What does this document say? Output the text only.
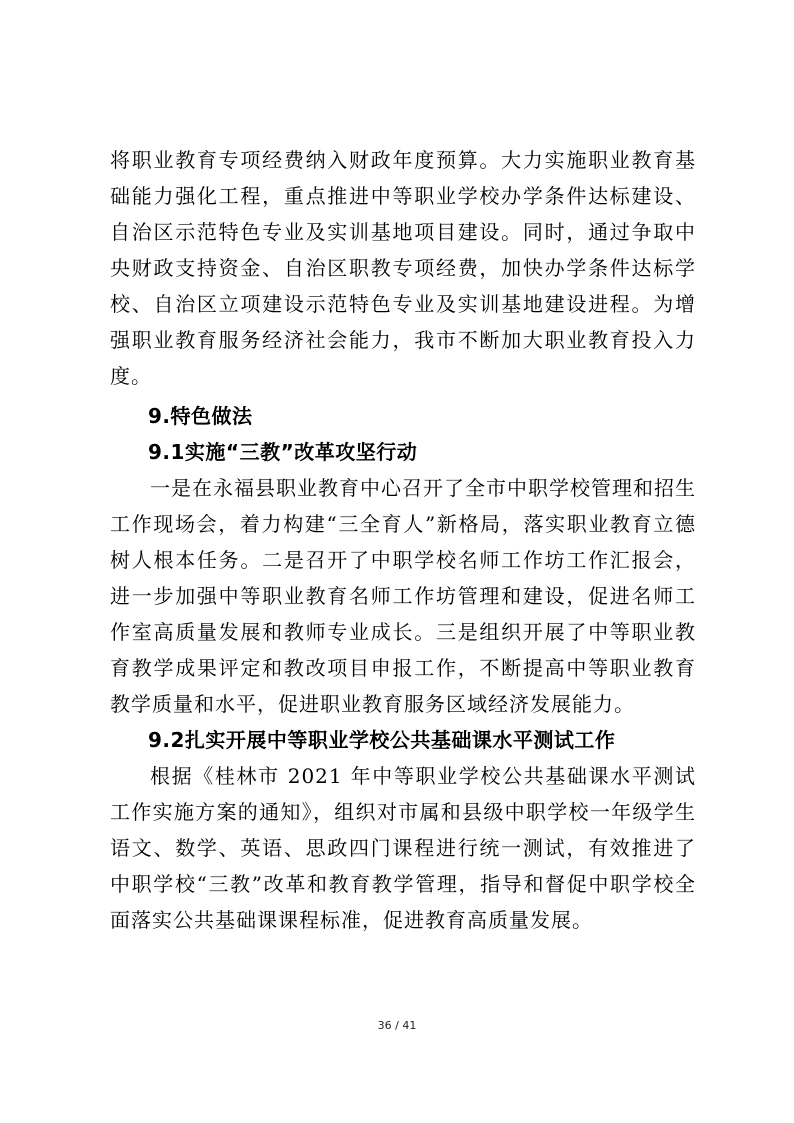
将职业教育专项经费纳入财政年度预算。大力实施职业教育基础能力强化工程，重点推进中等职业学校办学条件达标建设、自治区示范特色专业及实训基地项目建设。同时，通过争取中央财政支持资金、自治区职教专项经费，加快办学条件达标学校、自治区立项建设示范特色专业及实训基地建设进程。为增强职业教育服务经济社会能力，我市不断加大职业教育投入力度。

9.特色做法

9.1实施“三教”改革攻坚行动

一是在永福县职业教育中心召开了全市中职学校管理和招生工作现场会，着力构建“三全育人”新格局，落实职业教育立德树人根本任务。二是召开了中职学校名师工作坊工作汇报会，进一步加强中等职业教育名师工作坊管理和建设，促进名师工作室高质量发展和教师专业成长。三是组织开展了中等职业教育教学成果评定和教改项目申报工作，不断提高中等职业教育教学质量和水平，促进职业教育服务区域经济发展能力。

9.2扎实开展中等职业学校公共基础课水平测试工作

根据《桂林市 2021 年中等职业学校公共基础课水平测试工作实施方案的通知》，组织对市属和县级中职学校一年级学生语文、数学、英语、思政四门课程进行统一测试，有效推进了中职学校“三教”改革和教育教学管理，指导和督促中职学校全面落实公共基础课课程标准，促进教育高质量发展。

36 / 41
